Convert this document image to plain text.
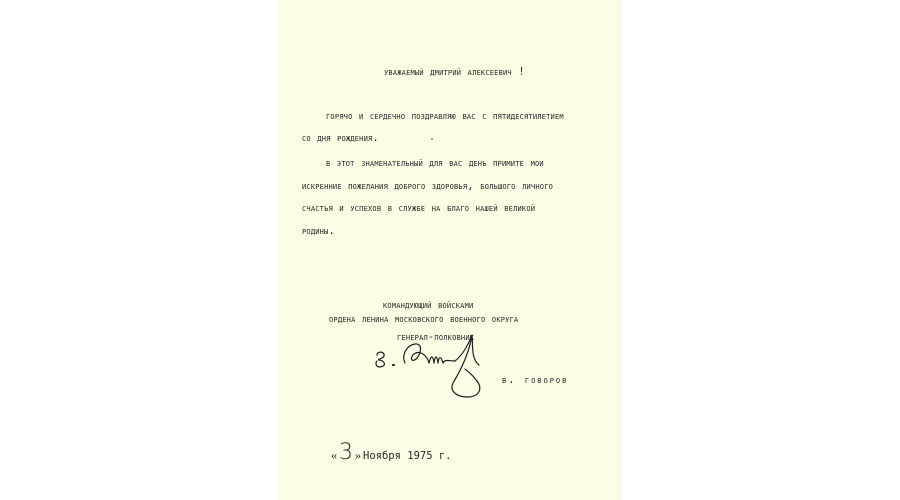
уважаемый дмитрий алексеевич !
горячо и сердечно поздравляю вас с пятидесятилетием
со дня рождения.	.
в этот знаменательный для вас день примите мои
искренние пожелания доброго здоровья, большого личного
счастья и успехов в службе на благо нашей великой
родины.
командующий войсками
ордена ленина московского военного округа
генерал-полковник
в. говоров
«3 » Ноября 1975 г.
